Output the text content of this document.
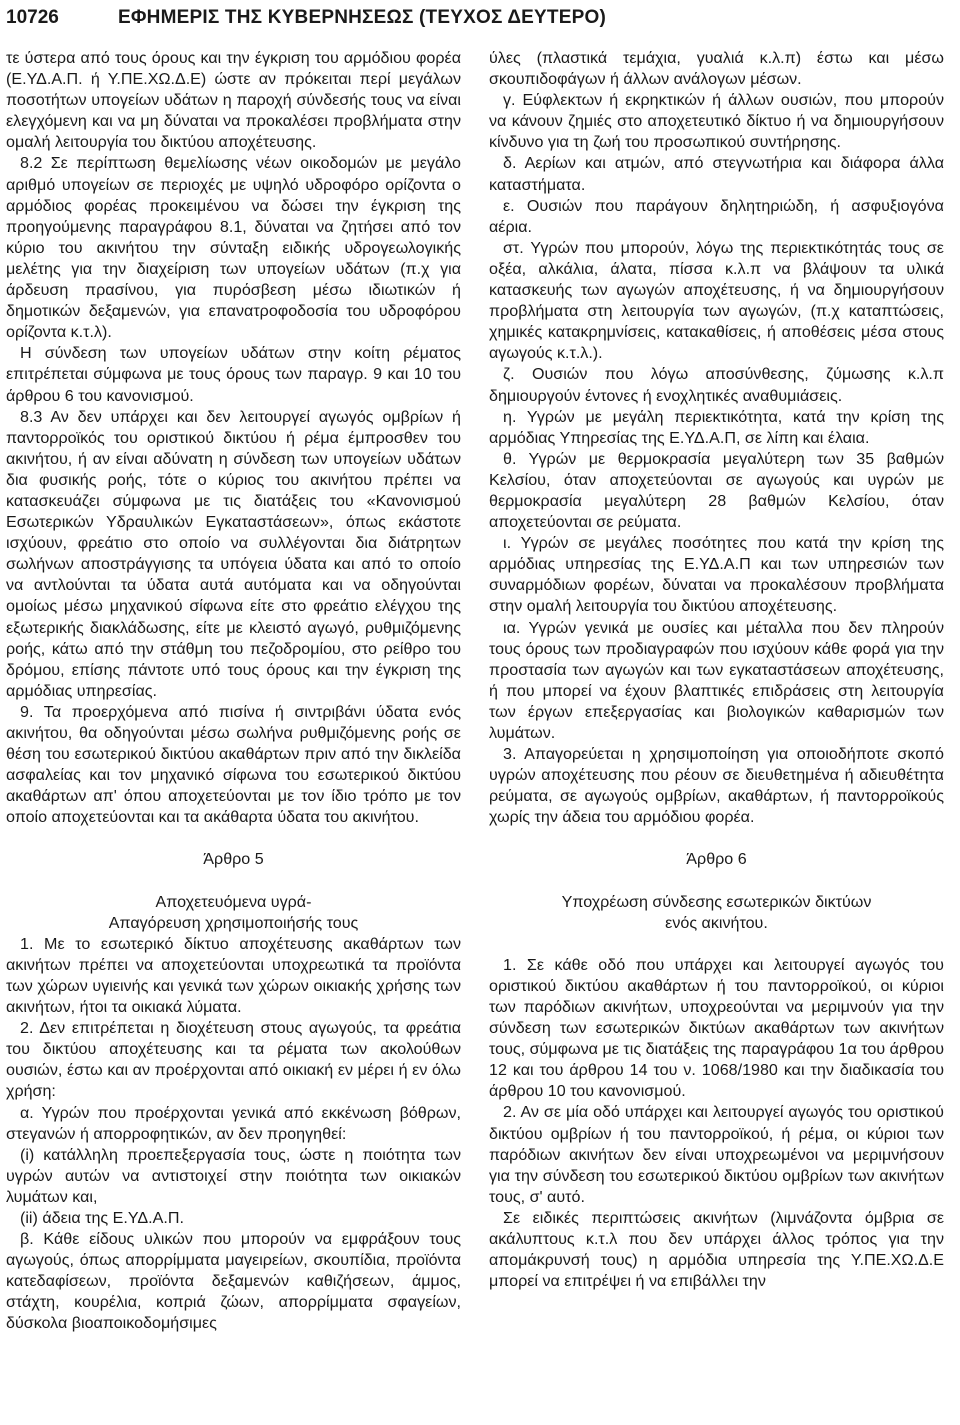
10726	ΕΦΗΜΕΡΙΣ ΤΗΣ ΚΥΒΕΡΝΗΣΕΩΣ (ΤΕΥΧΟΣ ΔΕΥΤΕΡΟ)

τε ύστερα από τους όρους και την έγκριση του αρμόδιου φορέα (Ε.ΥΔ.Α.Π. ή Υ.ΠΕ.ΧΩ.Δ.Ε) ώστε αν πρόκειται περί μεγάλων ποσοτήτων υπογείων υδάτων η παροχή σύνδεσής τους να είναι ελεγχόμενη και να μη δύναται να προκαλέσει προβλήματα στην ομαλή λειτουργία του δικτύου αποχέτευσης.

8.2 Σε περίπτωση θεμελίωσης νέων οικοδομών με μεγάλο αριθμό υπογείων σε περιοχές με υψηλό υδροφόρο ορίζοντα ο αρμόδιος φορέας προκειμένου να δώσει την έγκριση της προηγούμενης παραγράφου 8.1, δύναται να ζητήσει από τον κύριο του ακινήτου την σύνταξη ειδικής υδρογεωλογικής μελέτης για την διαχείριση των υπογείων υδάτων (π.χ για άρδευση πρασίνου, για πυρόσβεση μέσω ιδιωτικών ή δημοτικών δεξαμενών, για επανατροφοδοσία του υδροφόρου ορίζοντα κ.τ.λ).

Η σύνδεση των υπογείων υδάτων στην κοίτη ρέματος επιτρέπεται σύμφωνα με τους όρους των παραγρ. 9 και 10 του άρθρου 6 του κανονισμού.

8.3 Αν δεν υπάρχει και δεν λειτουργεί αγωγός ομβρίων ή παντορροϊκός του οριστικού δικτύου ή ρέμα έμπροσθεν του ακινήτου, ή αν είναι αδύνατη η σύνδεση των υπογείων υδάτων δια φυσικής ροής, τότε ο κύριος του ακινήτου πρέπει να κατασκευάζει σύμφωνα με τις διατάξεις του «Κανονισμού Εσωτερικών Υδραυλικών Εγκαταστάσεων», όπως εκάστοτε ισχύουν, φρεάτιο στο οποίο να συλλέγονται δια διάτρητων σωλήνων αποστράγγισης τα υπόγεια ύδατα και από το οποίο να αντλούνται τα ύδατα αυτά αυτόματα και να οδηγούνται ομοίως μέσω μηχανικού σίφωνα είτε στο φρεάτιο ελέγχου της εξωτερικής διακλάδωσης, είτε με κλειστό αγωγό, ρυθμιζόμενης ροής, κάτω από την στάθμη του πεζοδρομίου, στο ρείθρο του δρόμου, επίσης πάντοτε υπό τους όρους και την έγκριση της αρμόδιας υπηρεσίας.

9. Τα προερχόμενα από πισίνα ή σιντριβάνι ύδατα ενός ακινήτου, θα οδηγούνται μέσω σωλήνα ρυθμιζόμενης ροής σε θέση του εσωτερικού δικτύου ακαθάρτων πριν από την δικλείδα ασφαλείας και τον μηχανικό σίφωνα του εσωτερικού δικτύου ακαθάρτων απ' όπου αποχετεύονται με τον ίδιο τρόπο με τον οποίο αποχετεύονται και τα ακάθαρτα ύδατα του ακινήτου.

Άρθρο 5

Αποχετευόμενα υγρά-

Απαγόρευση χρησιμοποιήσής τους

1. Με το εσωτερικό δίκτυο αποχέτευσης ακαθάρτων των ακινήτων πρέπει να αποχετεύονται υποχρεωτικά τα προϊόντα των χώρων υγιεινής και γενικά των χώρων οικιακής χρήσης των ακινήτων, ήτοι τα οικιακά λύματα.

2. Δεν επιτρέπεται η διοχέτευση στους αγωγούς, τα φρεάτια του δικτύου αποχέτευσης και τα ρέματα των ακολούθων ουσιών, έστω και αν προέρχονται από οικιακή εν μέρει ή εν όλω χρήση:

α. Υγρών που προέρχονται γενικά από εκκένωση βόθρων, στεγανών ή απορροφητικών, αν δεν προηγηθεί:

(i) κατάλληλη προεπεξεργασία τους, ώστε η ποιότητα των υγρών αυτών να αντιστοιχεί στην ποιότητα των οικιακών λυμάτων και,

(ii) άδεια της Ε.ΥΔ.Α.Π.

β. Κάθε είδους υλικών που μπορούν να εμφράξουν τους αγωγούς, όπως απορρίμματα μαγειρείων, σκουπίδια, προϊόντα κατεδαφίσεων, προϊόντα δεξαμενών καθιζήσεων, άμμος, στάχτη, κουρέλια, κοπριά ζώων, απορρίμματα σφαγείων, δύσκολα βιοαποικοδομήσιμες

ύλες (πλαστικά τεμάχια, γυαλιά κ.λ.π) έστω και μέσω σκουπιδοφάγων ή άλλων ανάλογων μέσων.

γ. Εύφλεκτων ή εκρηκτικών ή άλλων ουσιών, που μπορούν να κάνουν ζημιές στο αποχετευτικό δίκτυο ή να δημιουργήσουν κίνδυνο για τη ζωή του προσωπικού συντήρησης.

δ. Αερίων και ατμών, από στεγνωτήρια και διάφορα άλλα καταστήματα.

ε. Ουσιών που παράγουν δηλητηριώδη, ή ασφυξιογόνα αέρια.

στ. Υγρών που μπορούν, λόγω της περιεκτικότητάς τους σε οξέα, αλκάλια, άλατα, πίσσα κ.λ.π να βλάψουν τα υλικά κατασκευής των αγωγών αποχέτευσης, ή να δημιουργήσουν προβλήματα στη λειτουργία των αγωγών, (π.χ καταπτώσεις, χημικές κατακρημνίσεις, κατακαθίσεις, ή αποθέσεις μέσα στους αγωγούς κ.τ.λ.).

ζ. Ουσιών που λόγω αποσύνθεσης, ζύμωσης κ.λ.π δημιουργούν έντονες ή ενοχλητικές αναθυμιάσεις.

η. Υγρών με μεγάλη περιεκτικότητα, κατά την κρίση της αρμόδιας Υπηρεσίας της Ε.ΥΔ.Α.Π, σε λίπη και έλαια.

θ. Υγρών με θερμοκρασία μεγαλύτερη των 35 βαθμών Κελσίου, όταν αποχετεύονται σε αγωγούς και υγρών με θερμοκρασία μεγαλύτερη 28 βαθμών Κελσίου, όταν αποχετεύονται σε ρεύματα.

ι. Υγρών σε μεγάλες ποσότητες που κατά την κρίση της αρμόδιας υπηρεσίας της Ε.ΥΔ.Α.Π και των υπηρεσιών των συναρμόδιων φορέων, δύναται να προκαλέσουν προβλήματα στην ομαλή λειτουργία του δικτύου αποχέτευσης.

ια. Υγρών γενικά με ουσίες και μέταλλα που δεν πληρούν τους όρους των προδιαγραφών που ισχύουν κάθε φορά για την προστασία των αγωγών και των εγκαταστάσεων αποχέτευσης, ή που μπορεί να έχουν βλαπτικές επιδράσεις στη λειτουργία των έργων επεξεργασίας και βιολογικών καθαρισμών των λυμάτων.

3. Απαγορεύεται η χρησιμοποίηση για οποιοδήποτε σκοπό υγρών αποχέτευσης που ρέουν σε διευθετημένα ή αδιευθέτητα ρεύματα, σε αγωγούς ομβρίων, ακαθάρτων, ή παντορροϊκούς χωρίς την άδεια του αρμόδιου φορέα.

Άρθρο 6

Υποχρέωση σύνδεσης εσωτερικών δικτύων

ενός ακινήτου.

1. Σε κάθε οδό που υπάρχει και λειτουργεί αγωγός του οριστικού δικτύου ακαθάρτων ή του παντορροϊκού, οι κύριοι των παρόδιων ακινήτων, υποχρεούνται να μεριμνούν για την σύνδεση των εσωτερικών δικτύων ακαθάρτων των ακινήτων τους, σύμφωνα με τις διατάξεις της παραγράφου 1α του άρθρου 12 και του άρθρου 14 του ν. 1068/1980 και την διαδικασία του άρθρου 10 του κανονισμού.

2. Αν σε μία οδό υπάρχει και λειτουργεί αγωγός του οριστικού δικτύου ομβρίων ή του παντορροϊκού, ή ρέμα, οι κύριοι των παρόδιων ακινήτων δεν είναι υποχρεωμένοι να μεριμνήσουν για την σύνδεση του εσωτερικού δικτύου ομβρίων των ακινήτων τους, σ' αυτό.

Σε ειδικές περιπτώσεις ακινήτων (λιμνάζοντα όμβρια σε ακάλυπτους κ.τ.λ που δεν υπάρχει άλλος τρόπος για την απομάκρυνσή τους) η αρμόδια υπηρεσία της Υ.ΠΕ.ΧΩ.Δ.Ε μπορεί να επιτρέψει ή να επιβάλλει την
